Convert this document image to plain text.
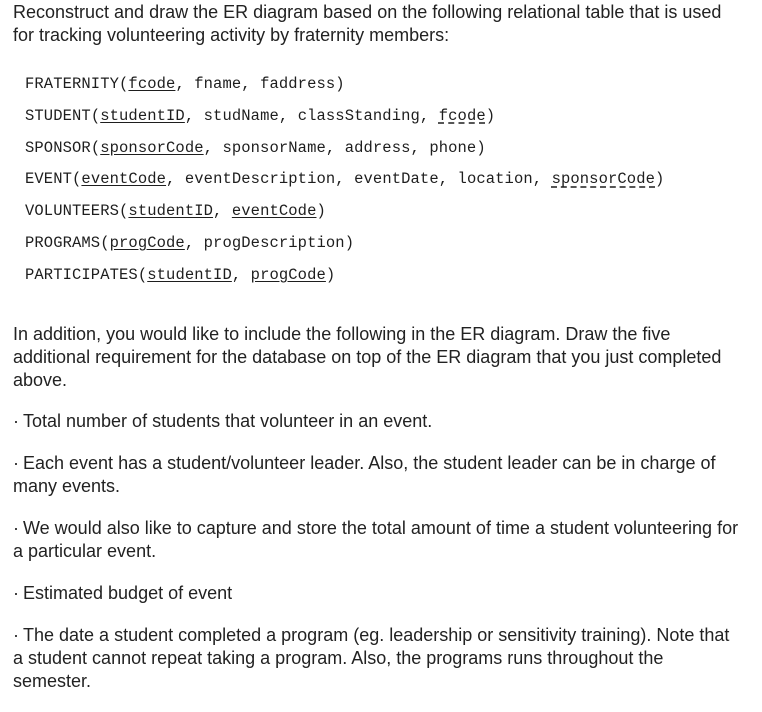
Reconstruct and draw the ER diagram based on the following relational table that is used for tracking volunteering activity by fraternity members:

FRATERNITY(fcode, fname, faddress)
STUDENT(studentID, studName, classStanding, fcode)
SPONSOR(sponsorCode, sponsorName, address, phone)
EVENT(eventCode, eventDescription, eventDate, location, sponsorCode)
VOLUNTEERS(studentID, eventCode)
PROGRAMS(progCode, progDescription)
PARTICIPATES(studentID, progCode)

In addition, you would like to include the following in the ER diagram. Draw the five additional requirement for the database on top of the ER diagram that you just completed above.

· Total number of students that volunteer in an event.

· Each event has a student/volunteer leader. Also, the student leader can be in charge of many events.

· We would also like to capture and store the total amount of time a student volunteering for a particular event.

· Estimated budget of event

· The date a student completed a program (eg. leadership or sensitivity training). Note that a student cannot repeat taking a program. Also, the programs runs throughout the semester.
